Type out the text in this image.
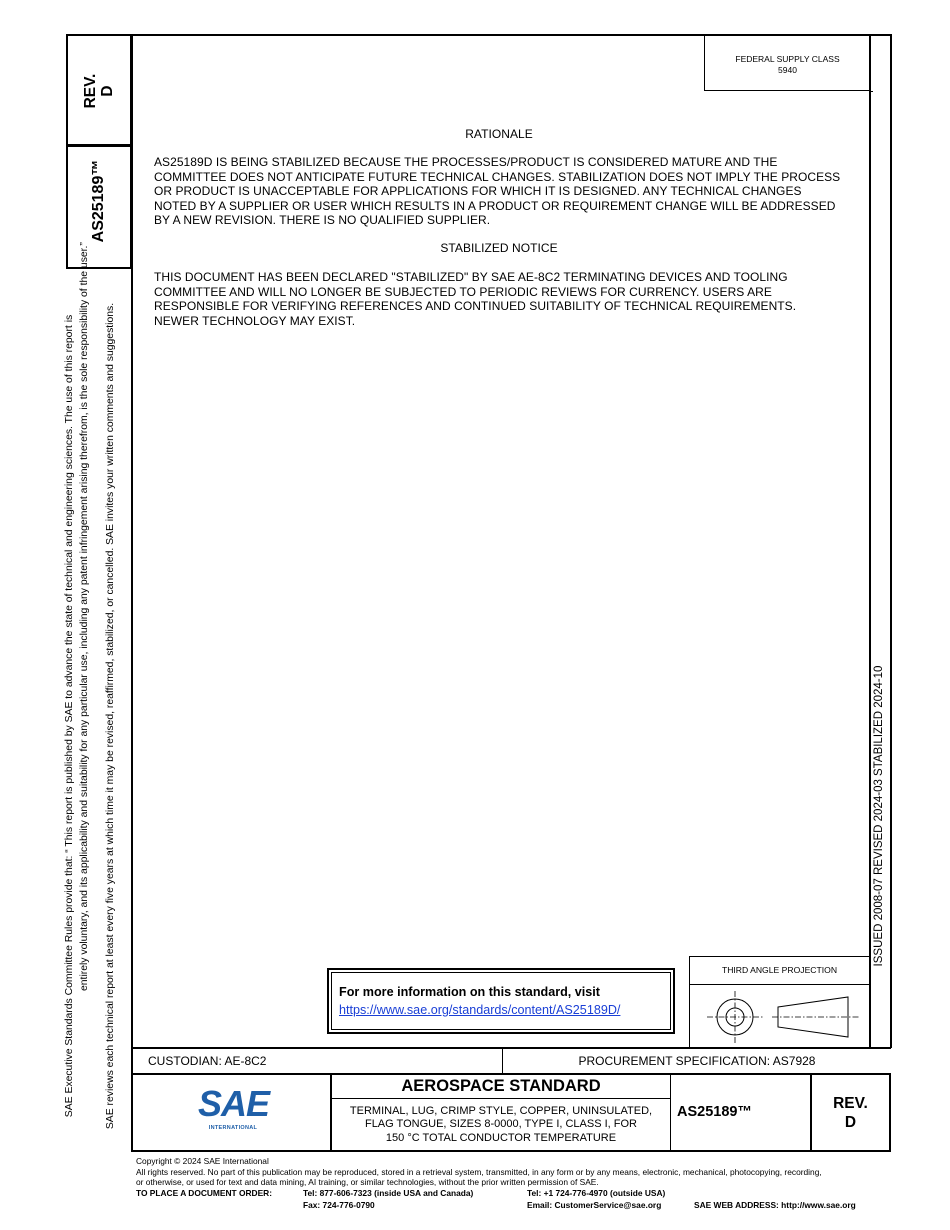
REV. D
AS25189™
SAE Executive Standards Committee Rules provide that: “ This report is published by SAE to advance the state of technical and engineering sciences. The use of this report is entirely voluntary, and its applicability and suitability for any particular use, including any patent infringement arising therefrom, is the sole responsibility of the user.” SAE reviews each technical report at least every five years at which time it may be revised, reaffirmed, stabilized, or cancelled. SAE invites your written comments and suggestions.	ISSUED 2008-07 REVISED 2024-03 STABILIZED 2024-10
FEDERAL SUPPLY CLASS
5940
RATIONALE
AS25189D IS BEING STABILIZED BECAUSE THE PROCESSES/PRODUCT IS CONSIDERED MATURE AND THE COMMITTEE DOES NOT ANTICIPATE FUTURE TECHNICAL CHANGES. STABILIZATION DOES NOT IMPLY THE PROCESS OR PRODUCT IS UNACCEPTABLE FOR APPLICATIONS FOR WHICH IT IS DESIGNED. ANY TECHNICAL CHANGES NOTED BY A SUPPLIER OR USER WHICH RESULTS IN A PRODUCT OR REQUIREMENT CHANGE WILL BE ADDRESSED BY A NEW REVISION. THERE IS NO QUALIFIED SUPPLIER.
STABILIZED NOTICE
THIS DOCUMENT HAS BEEN DECLARED "STABILIZED" BY SAE AE-8C2 TERMINATING DEVICES AND TOOLING COMMITTEE AND WILL NO LONGER BE SUBJECTED TO PERIODIC REVIEWS FOR CURRENCY. USERS ARE RESPONSIBLE FOR VERIFYING REFERENCES AND CONTINUED SUITABILITY OF TECHNICAL REQUIREMENTS. NEWER TECHNOLOGY MAY EXIST.
For more information on this standard, visit
https://www.sae.org/standards/content/AS25189D/
THIRD ANGLE PROJECTION
CUSTODIAN: AE-8C2	PROCUREMENT SPECIFICATION: AS7928
SAE
INTERNATIONAL
AEROSPACE STANDARD
TERMINAL, LUG, CRIMP STYLE, COPPER, UNINSULATED,
FLAG TONGUE, SIZES 8-0000, TYPE I, CLASS I, FOR
150 °C TOTAL CONDUCTOR TEMPERATURE
AS25189™	REV.
D
Copyright © 2024 SAE International
All rights reserved. No part of this publication may be reproduced, stored in a retrieval system, transmitted, in any form or by any means, electronic, mechanical, photocopying, recording,
or otherwise, or used for text and data mining, AI training, or similar technologies, without the prior written permission of SAE.
TO PLACE A DOCUMENT ORDER:	Tel: 877-606-7323 (inside USA and Canada)	Tel: +1 724-776-4970 (outside USA)
Fax: 724-776-0790	Email: CustomerService@sae.org	SAE WEB ADDRESS: http://www.sae.org
